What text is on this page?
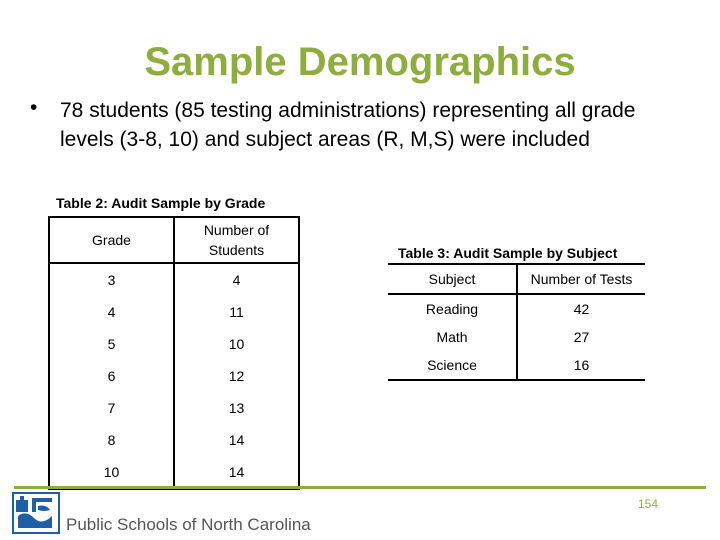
Sample Demographics
• 78 students (85 testing administrations) representing all grade levels (3-8, 10) and subject areas (R, M,S) were included
Table 2: Audit Sample by Grade
Grade	Number of Students
3	4
4	11
5	10
6	12
7	13
8	14
10	14
Table 3: Audit Sample by Subject
Subject	Number of Tests
Reading	42
Math	27
Science	16
Public Schools of North Carolina
154
